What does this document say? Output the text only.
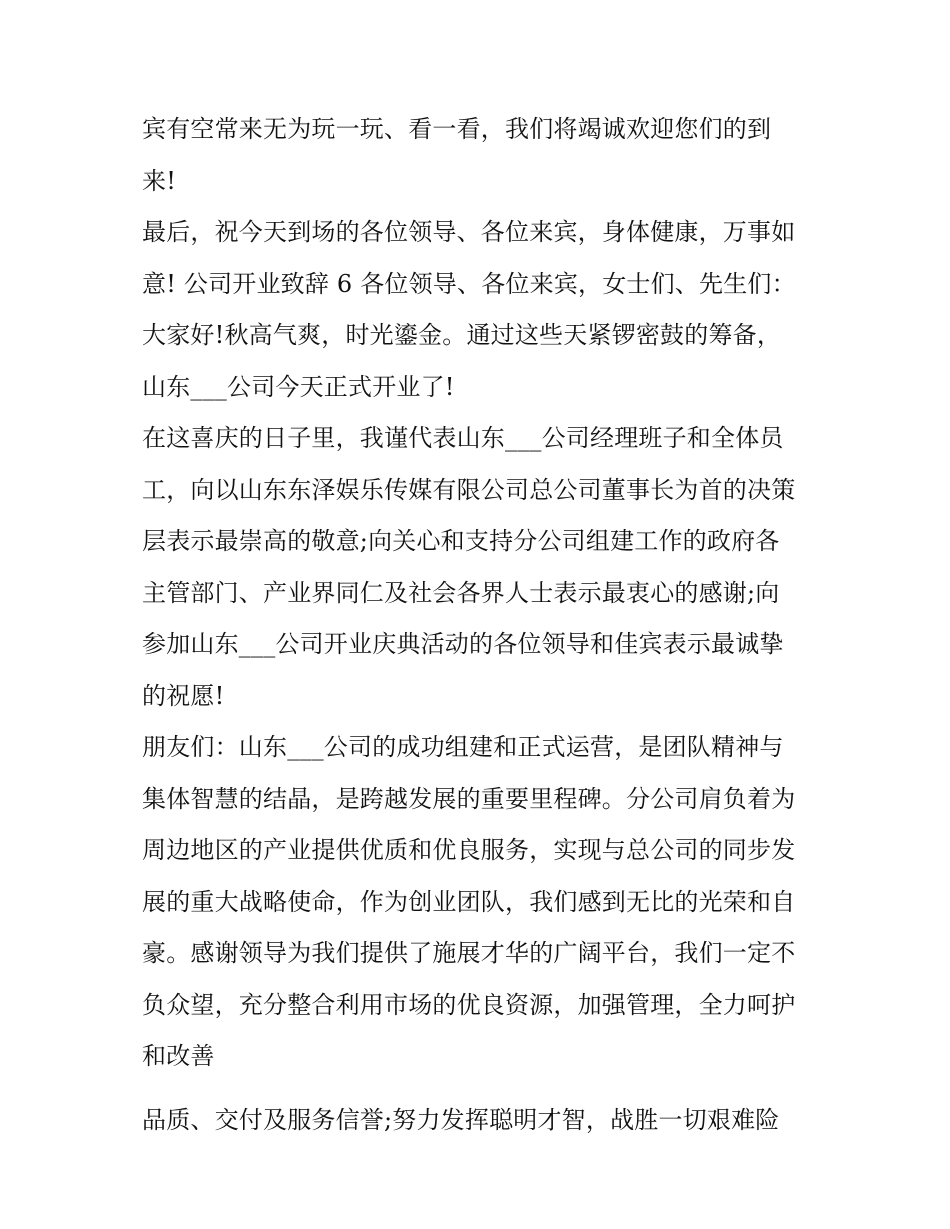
宾有空常来无为玩一玩、看一看，我们将竭诚欢迎您们的到
来!
最后，祝今天到场的各位领导、各位来宾，身体健康，万事如
意! 公司开业致辞 6 各位领导、各位来宾，女士们、先生们：
大家好!秋高气爽，时光鎏金。通过这些天紧锣密鼓的筹备，
山东___公司今天正式开业了!
在这喜庆的日子里，我谨代表山东___公司经理班子和全体员
工，向以山东东泽娱乐传媒有限公司总公司董事长为首的决策
层表示最崇高的敬意;向关心和支持分公司组建工作的政府各
主管部门、产业界同仁及社会各界人士表示最衷心的感谢;向
参加山东___公司开业庆典活动的各位领导和佳宾表示最诚挚
的祝愿!
朋友们：山东___公司的成功组建和正式运营，是团队精神与
集体智慧的结晶，是跨越发展的重要里程碑。分公司肩负着为
周边地区的产业提供优质和优良服务，实现与总公司的同步发
展的重大战略使命，作为创业团队，我们感到无比的光荣和自
豪。感谢领导为我们提供了施展才华的广阔平台，我们一定不
负众望，充分整合利用市场的优良资源，加强管理，全力呵护
和改善
品质、交付及服务信誉;努力发挥聪明才智，战胜一切艰难险
